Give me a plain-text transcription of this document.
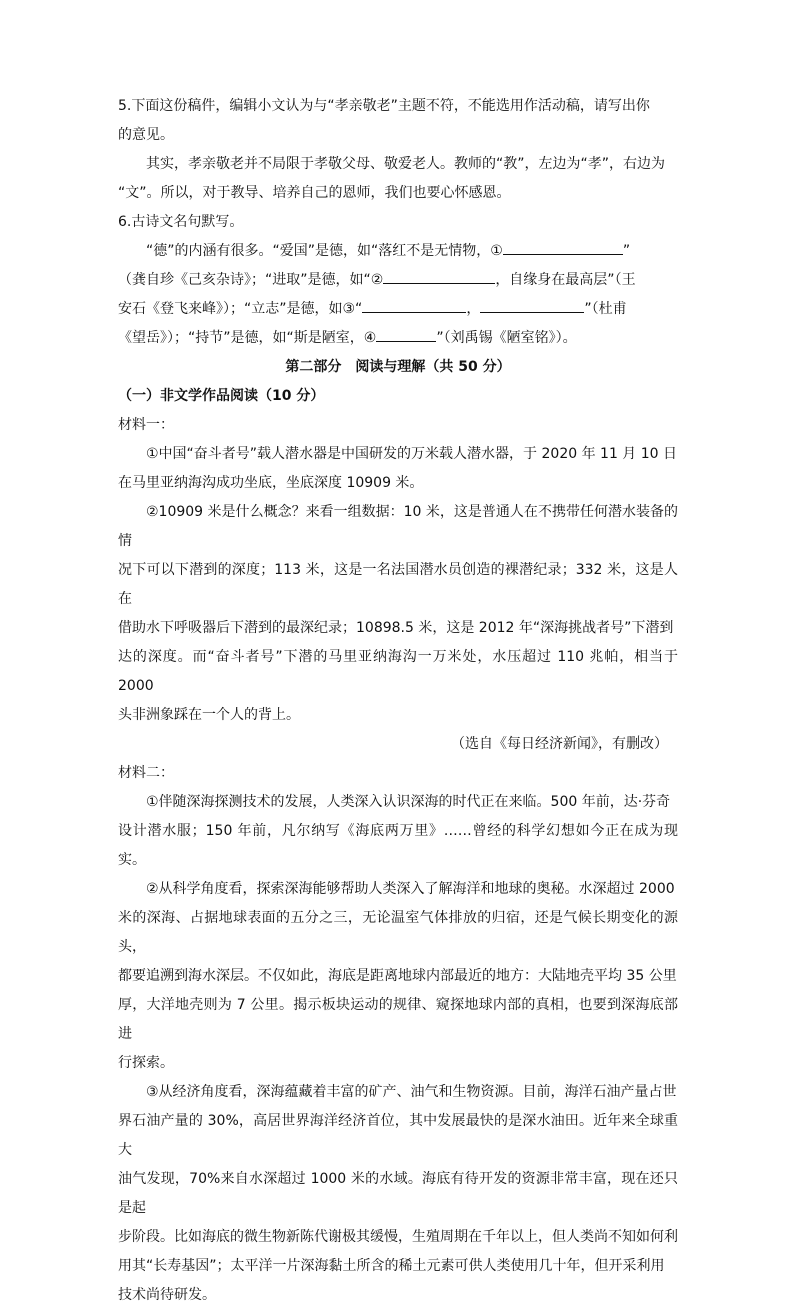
5.下面这份稿件，编辑小文认为与“孝亲敬老”主题不符，不能选用作活动稿，请写出你

的意见。

其实，孝亲敬老并不局限于孝敬父母、敬爱老人。教师的“教”，左边为“孝”，右边为

“文”。所以，对于教导、培养自己的恩师，我们也要心怀感恩。

6.古诗文名句默写。

“德”的内涵有很多。“爱国”是德，如“落红不是无情物，①	”

（龚自珍《己亥杂诗》；“进取”是德，如“②	，自缘身在最高层”（王

安石《登飞来峰》）；“立志”是德，如③“	，	”（杜甫

《望岳》）；“持节”是德，如“斯是陋室，④	”（刘禹锡《陋室铭》）。

第二部分　阅读与理解（共 50 分）

（一）非文学作品阅读（10 分）

材料一：

①中国“奋斗者号”载人潜水器是中国研发的万米载人潜水器，于 2020 年 11 月 10 日

在马里亚纳海沟成功坐底，坐底深度 10909 米。

②10909 米是什么概念？来看一组数据：10 米，这是普通人在不携带任何潜水装备的情

况下可以下潜到的深度；113 米，这是一名法国潜水员创造的裸潜纪录；332 米，这是人在

借助水下呼吸器后下潜到的最深纪录；10898.5 米，这是 2012 年“深海挑战者号”下潜到

达的深度。而“奋斗者号”下潜的马里亚纳海沟一万米处，水压超过 110 兆帕，相当于 2000

头非洲象踩在一个人的背上。

（选自《每日经济新闻》，有删改）

材料二：

①伴随深海探测技术的发展，人类深入认识深海的时代正在来临。500 年前，达·芬奇

设计潜水服；150 年前，凡尔纳写《海底两万里》……曾经的科学幻想如今正在成为现实。

②从科学角度看，探索深海能够帮助人类深入了解海洋和地球的奥秘。水深超过 2000

米的深海、占据地球表面的五分之三，无论温室气体排放的归宿，还是气候长期变化的源头，

都要追溯到海水深层。不仅如此，海底是距离地球内部最近的地方：大陆地壳平均 35 公里

厚，大洋地壳则为 7 公里。揭示板块运动的规律、窥探地球内部的真相，也要到深海底部进

行探索。

③从经济角度看，深海蕴藏着丰富的矿产、油气和生物资源。目前，海洋石油产量占世

界石油产量的 30%，高居世界海洋经济首位，其中发展最快的是深水油田。近年来全球重大

油气发现，70%来自水深超过 1000 米的水域。海底有待开发的资源非常丰富，现在还只是起

步阶段。比如海底的微生物新陈代谢极其缓慢，生殖周期在千年以上，但人类尚不知如何利

用其“长寿基因”；太平洋一片深海黏土所含的稀土元素可供人类使用几十年，但开采利用

技术尚待研发。
